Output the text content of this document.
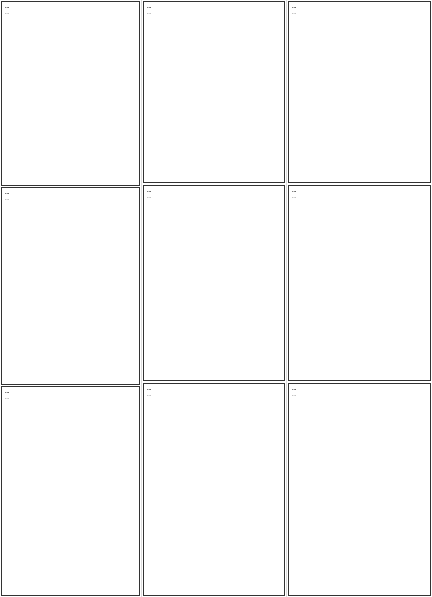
...
...
...
...
...
...
...
...
...
...
...
...
...
...
...
...
...
...
